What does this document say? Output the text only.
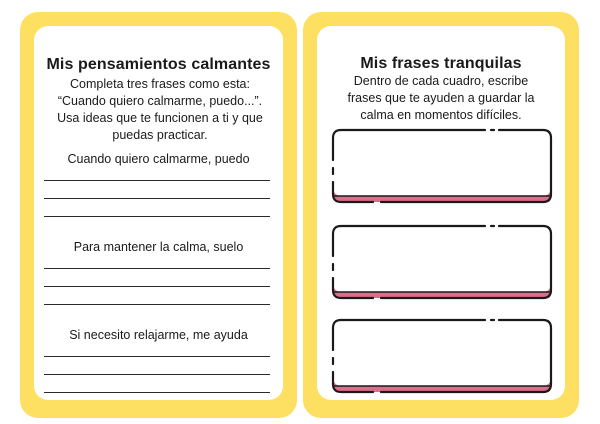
Mis pensamientos calmantes
Completa tres frases como esta:
“Cuando quiero calmarme, puedo...”.
Usa ideas que te funcionen a ti y que
puedas practicar.
Cuando quiero calmarme, puedo
Para mantener la calma, suelo
Si necesito relajarme, me ayuda
Mis frases tranquilas
Dentro de cada cuadro, escribe
frases que te ayuden a guardar la
calma en momentos difíciles.
